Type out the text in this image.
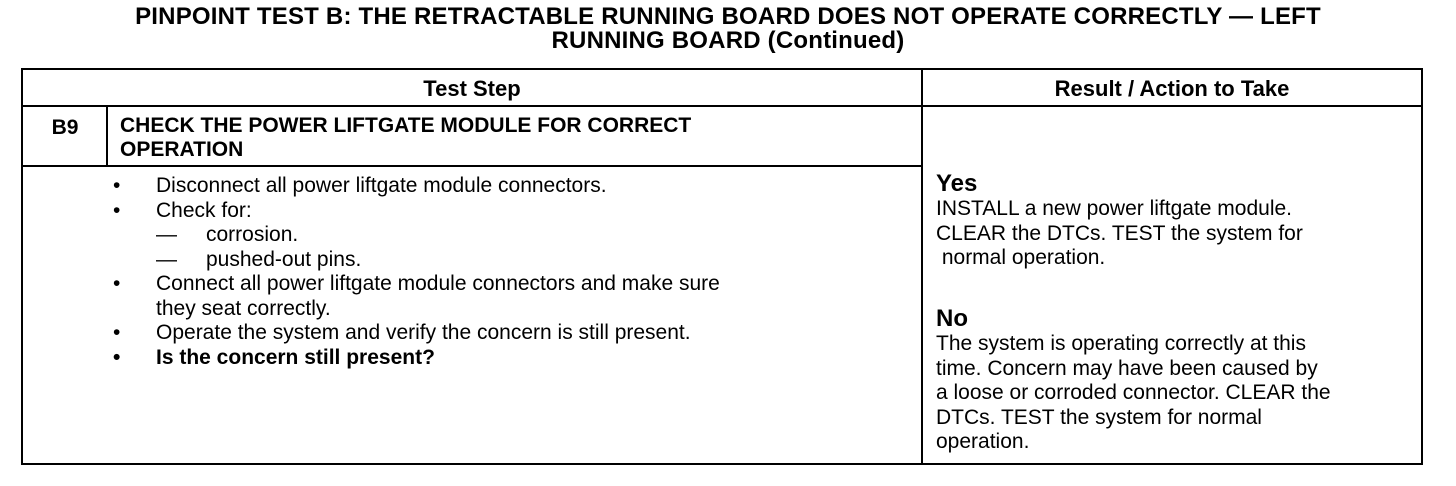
PINPOINT TEST B: THE RETRACTABLE RUNNING BOARD DOES NOT OPERATE CORRECTLY — LEFT
RUNNING BOARD (Continued)
Test Step	Result / Action to Take
B9	CHECK THE POWER LIFTGATE MODULE FOR CORRECT
OPERATION
•	Disconnect all power liftgate module connectors.
•	Check for:
—	corrosion.
—	pushed-out pins.
•	Connect all power liftgate module connectors and make sure
they seat correctly.
•	Operate the system and verify the concern is still present.
•	Is the concern still present?
Yes
INSTALL a new power liftgate module.
CLEAR the DTCs. TEST the system for
normal operation.
No
The system is operating correctly at this
time. Concern may have been caused by
a loose or corroded connector. CLEAR the
DTCs. TEST the system for normal
operation.
